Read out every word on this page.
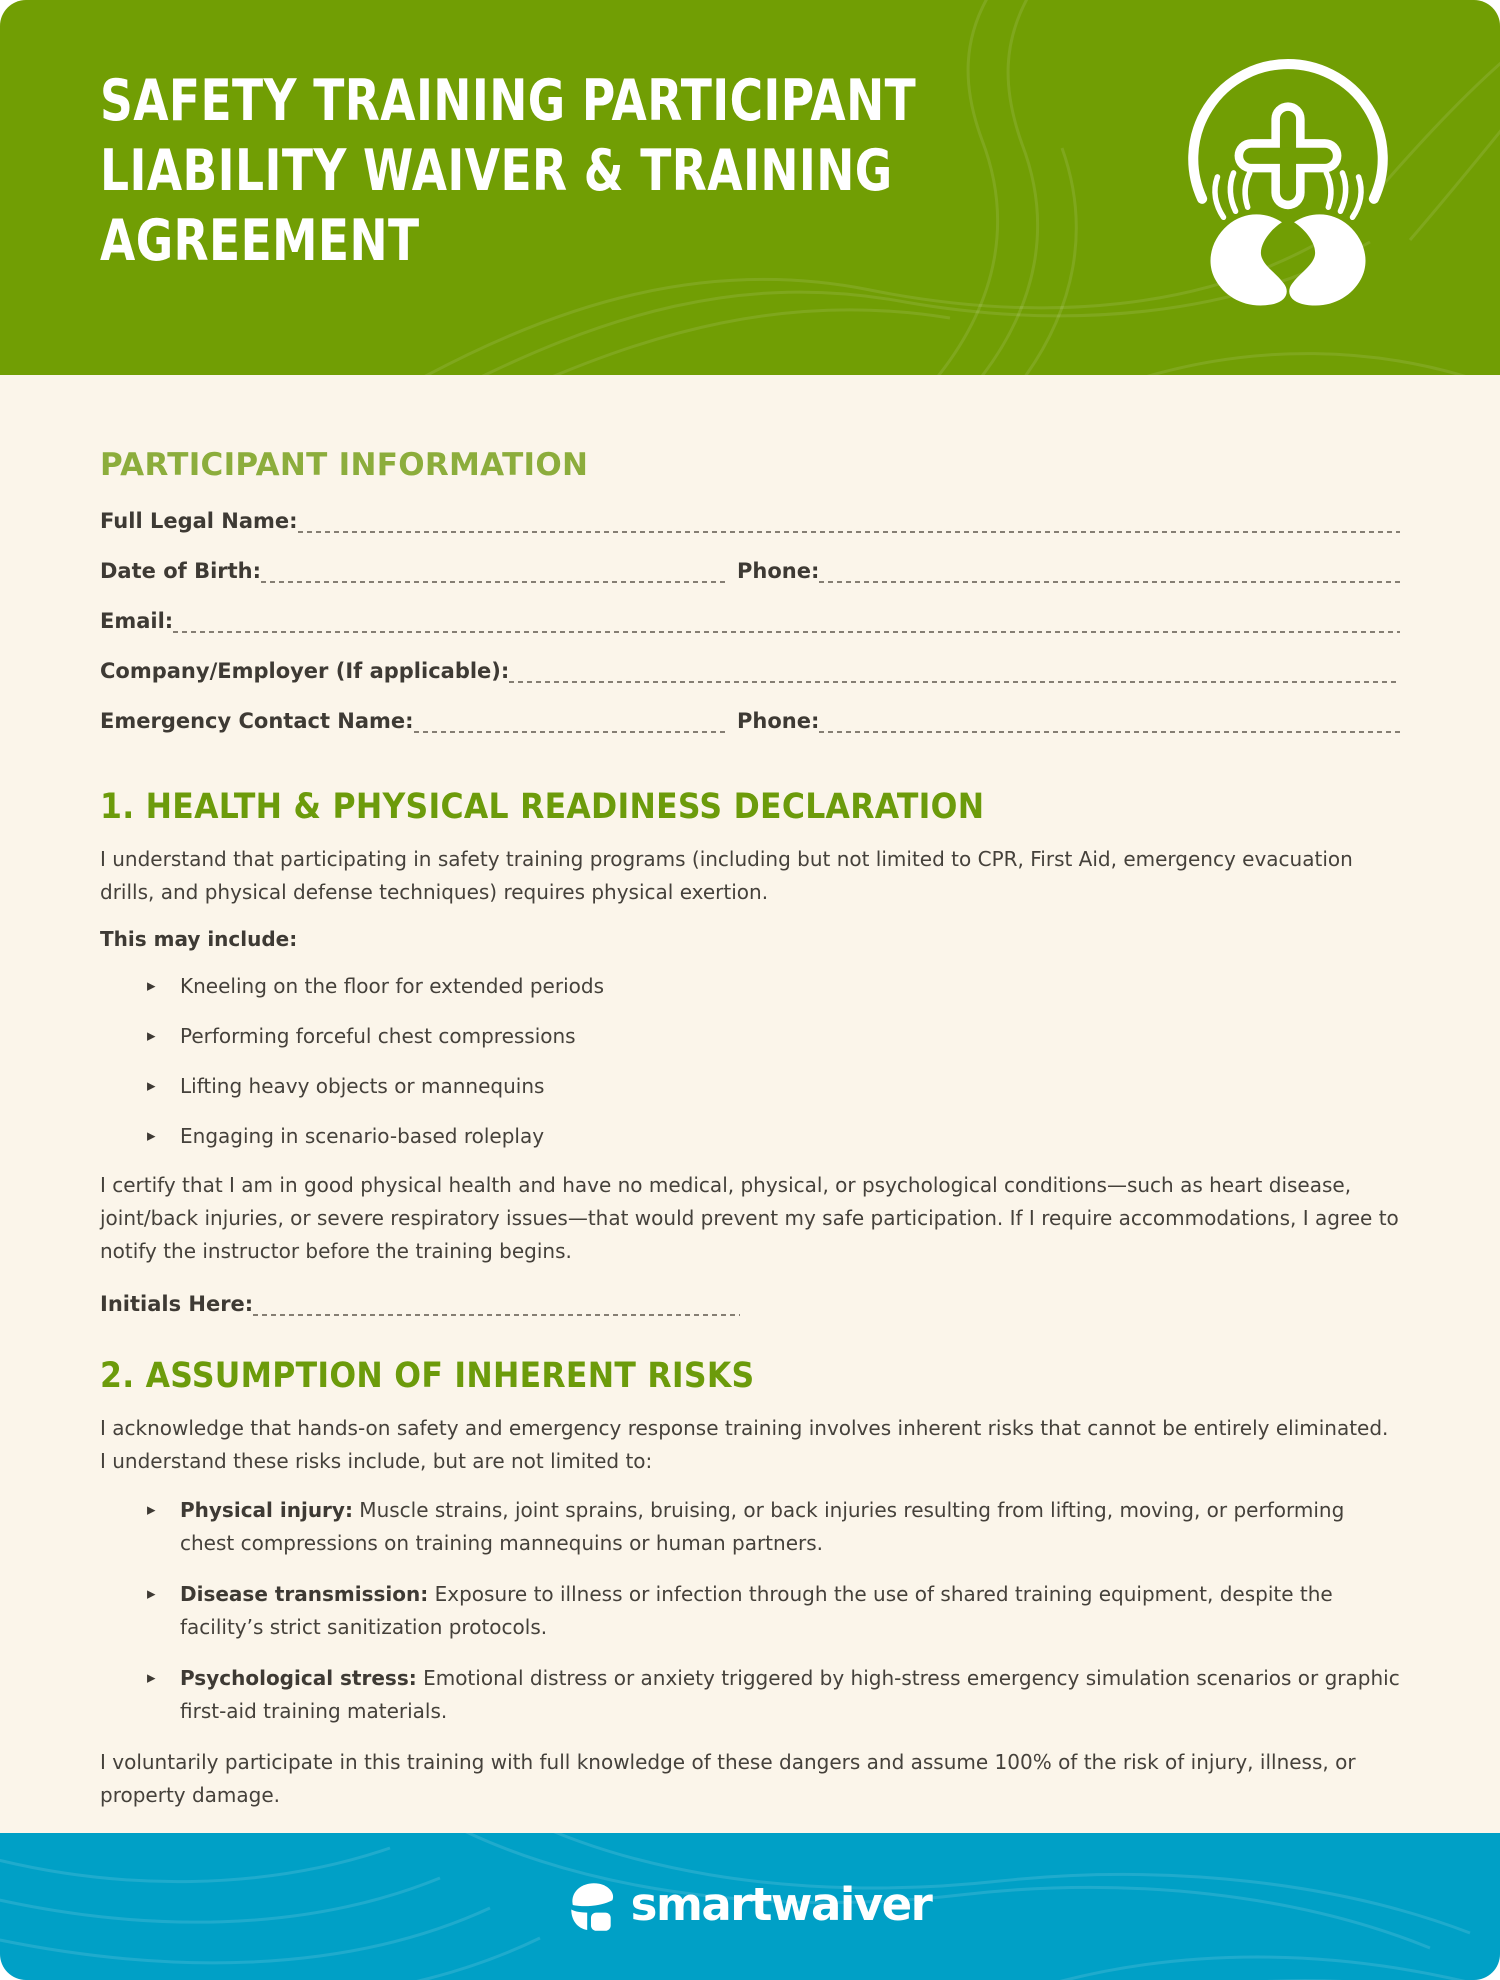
SAFETY TRAINING PARTICIPANT
LIABILITY WAIVER & TRAINING
AGREEMENT
PARTICIPANT INFORMATION
Full Legal Name:
Date of Birth:	Phone:
Email:
Company/Employer (If applicable):
Emergency Contact Name:	Phone:
1. HEALTH & PHYSICAL READINESS DECLARATION

I understand that participating in safety training programs (including but not limited to CPR, First Aid, emergency evacuation drills, and physical defense techniques) requires physical exertion.

This may include:

▸ Kneeling on the floor for extended periods
▸ Performing forceful chest compressions
▸ Lifting heavy objects or mannequins
▸ Engaging in scenario-based roleplay

I certify that I am in good physical health and have no medical, physical, or psychological conditions—such as heart disease, joint/back injuries, or severe respiratory issues—that would prevent my safe participation. If I require accommodations, I agree to notify the instructor before the training begins.

Initials Here:
2. ASSUMPTION OF INHERENT RISKS

I acknowledge that hands-on safety and emergency response training involves inherent risks that cannot be entirely eliminated. I understand these risks include, but are not limited to:

▸ Physical injury: Muscle strains, joint sprains, bruising, or back injuries resulting from lifting, moving, or performing chest compressions on training mannequins or human partners.
▸ Disease transmission: Exposure to illness or infection through the use of shared training equipment, despite the facility’s strict sanitization protocols.
▸ Psychological stress: Emotional distress or anxiety triggered by high-stress emergency simulation scenarios or graphic first-aid training materials.

I voluntarily participate in this training with full knowledge of these dangers and assume 100% of the risk of injury, illness, or property damage.

smartwaiver
